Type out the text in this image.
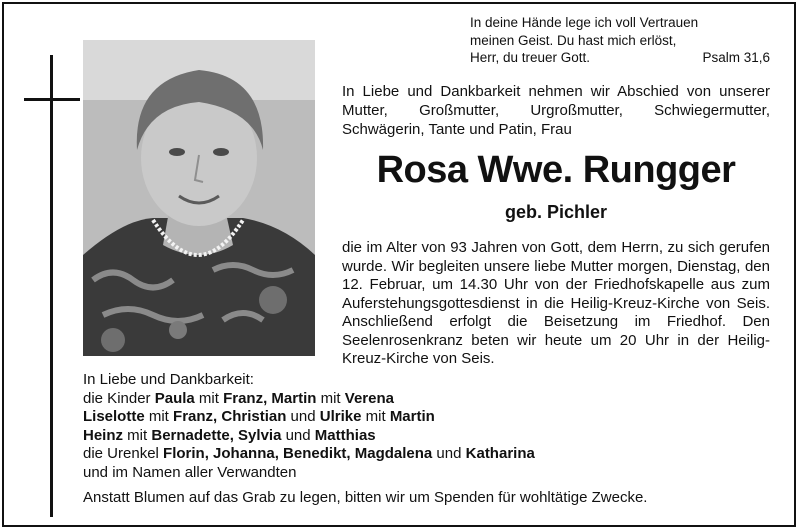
In deine Hände lege ich voll Vertrauen
meinen Geist. Du hast mich erlöst,
Herr, du treuer Gott.	Psalm 31,6
In Liebe und Dankbarkeit nehmen wir Abschied von unserer Mutter, Großmutter, Urgroßmutter, Schwiegermutter, Schwägerin, Tante und Patin, Frau
Rosa Wwe. Rungger
geb. Pichler
die im Alter von 93 Jahren von Gott, dem Herrn, zu sich gerufen wurde. Wir begleiten unsere liebe Mutter morgen, Dienstag, den 12. Februar, um 14.30 Uhr von der Friedhofskapelle aus zum Auferstehungsgottesdienst in die Heilig-Kreuz-Kirche von Seis. Anschließend erfolgt die Beisetzung im Friedhof. Den Seelenrosenkranz beten wir heute um 20 Uhr in der Heilig-Kreuz-Kirche von Seis.
In Liebe und Dankbarkeit:
die Kinder Paula mit Franz, Martin mit Verena
Liselotte mit Franz, Christian und Ulrike mit Martin
Heinz mit Bernadette, Sylvia und Matthias
die Urenkel Florin, Johanna, Benedikt, Magdalena und Katharina
und im Namen aller Verwandten
Anstatt Blumen auf das Grab zu legen, bitten wir um Spenden für wohltätige Zwecke.
